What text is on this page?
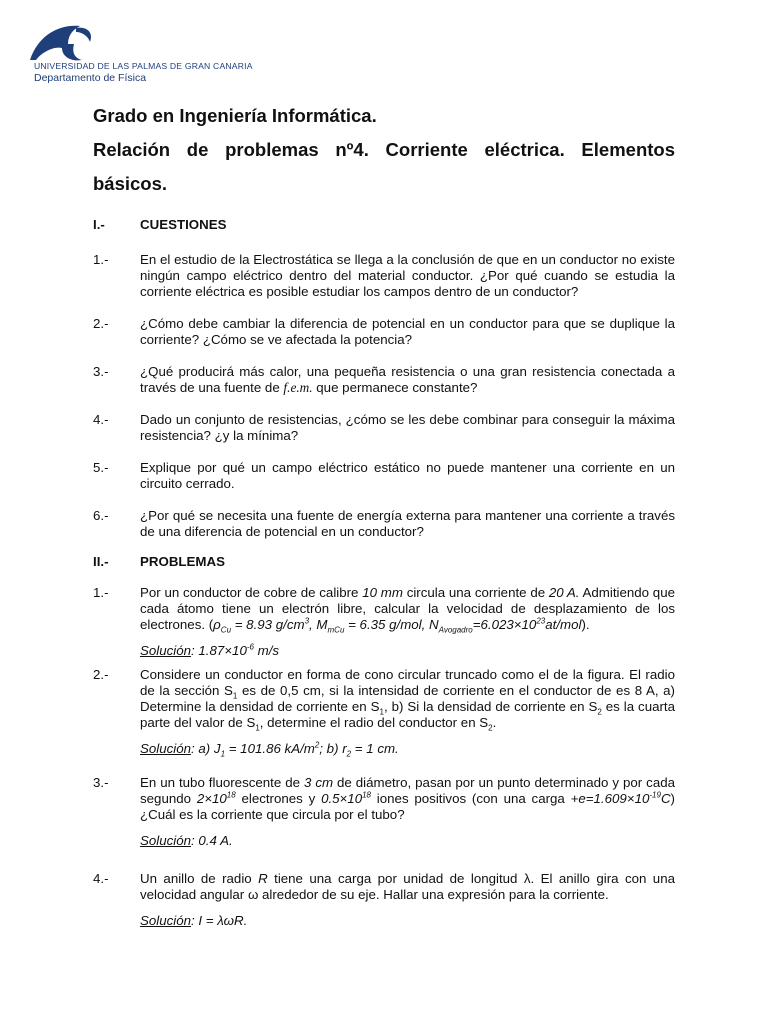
UNIVERSIDAD DE LAS PALMAS DE GRAN CANARIA
Departamento de Física

Grado en Ingeniería Informática.

Relación de problemas nº4. Corriente eléctrica. Elementos

básicos.

I.-	CUESTIONES
1.-	En el estudio de la Electrostática se llega a la conclusión de que en un conductor no existe ningún campo eléctrico dentro del material conductor. ¿Por qué cuando se estudia la corriente eléctrica es posible estudiar los campos dentro de un conductor?
2.-	¿Cómo debe cambiar la diferencia de potencial en un conductor para que se duplique la corriente? ¿Cómo se ve afectada la potencia?
3.-	¿Qué producirá más calor, una pequeña resistencia o una gran resistencia conectada a través de una fuente de f.e.m. que permanece constante?
4.-	Dado un conjunto de resistencias, ¿cómo se les debe combinar para conseguir la máxima resistencia? ¿y la mínima?
5.-	Explique por qué un campo eléctrico estático no puede mantener una corriente en un circuito cerrado.
6.-	¿Por qué se necesita una fuente de energía externa para mantener una corriente a través de una diferencia de potencial en un conductor?
II.-	PROBLEMAS
1.-	Por un conductor de cobre de calibre 10 mm circula una corriente de 20 A. Admitiendo que cada átomo tiene un electrón libre, calcular la velocidad de desplazamiento de los electrones. ($\rho_{Cu} = 8.93$ $g/cm^3$, $M_{mCu} = 6.35$ g/mol, $N_{Avogadro}=6.023\times 10^{23}at/mol$).
Solución: $1.87\times 10^{-6}$ m/s
2.-	Considere un conductor en forma de cono circular truncado como el de la figura. El radio de la sección $S_1$ es de 0,5 cm, si la intensidad de corriente en el conductor de es 8 A, a) Determine la densidad de corriente en $S_1$, b) Si la densidad de corriente en $S_2$ es la cuarta parte del valor de $S_1$, determine el radio del conductor en $S_2$.
Solución: a) $J_1 = 101.86$ $kA/m^2$; b) $r_2 = 1$ cm.
3.-	En un tubo fluorescente de 3 cm de diámetro, pasan por un punto determinado y por cada segundo $2\times 10^{18}$ electrones y $0.5\times 10^{18}$ iones positivos (con una carga $+e=1.609\times 10^{-19}C$) ¿Cuál es la corriente que circula por el tubo?
Solución: 0.4 A.
4.-	Un anillo de radio R tiene una carga por unidad de longitud λ. El anillo gira con una velocidad angular ω alrededor de su eje. Hallar una expresión para la corriente.
Solución: I = λωR.
